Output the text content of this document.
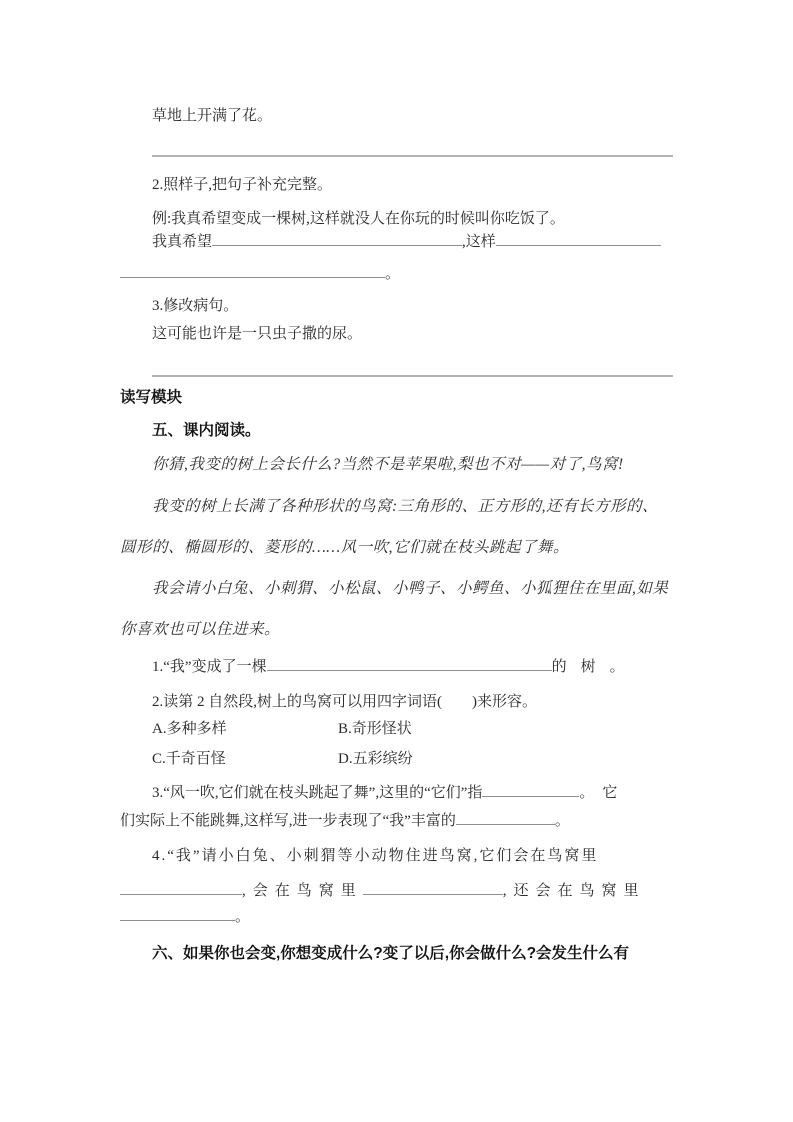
草地上开满了花。
2.照样子,把句子补充完整。
例:我真希望变成一棵树,这样就没人在你玩的时候叫你吃饭了。
我真希望	,这样
。
3.修改病句。
这可能也许是一只虫子撒的尿。
读写模块
五、课内阅读。
你猜,我变的树上会长什么?当然不是苹果啦,梨也不对——对了,鸟窝!
我变的树上长满了各种形状的鸟窝:三角形的、正方形的,还有长方形的、
圆形的、椭圆形的、菱形的……风一吹,它们就在枝头跳起了舞。
我会请小白兔、小刺猬、小松鼠、小鸭子、小鳄鱼、小狐狸住在里面,如果
你喜欢也可以住进来。
1.“我”变成了一棵	的树。
2.读第 2 自然段,树上的鸟窝可以用四字词语(　　)来形容。
A.多种多样	B.奇形怪状
C.千奇百怪	D.五彩缤纷
3.“风一吹,它们就在枝头跳起了舞”,这里的“它们”指	。它
们实际上不能跳舞,这样写,进一步表现了“我”丰富的	。
4.“我”请小白兔、小刺猬等小动物住进鸟窝,它们会在鸟窝里
,会在鸟窝里	,还会在鸟窝里
。
六、如果你也会变,你想变成什么?变了以后,你会做什么?会发生什么有
